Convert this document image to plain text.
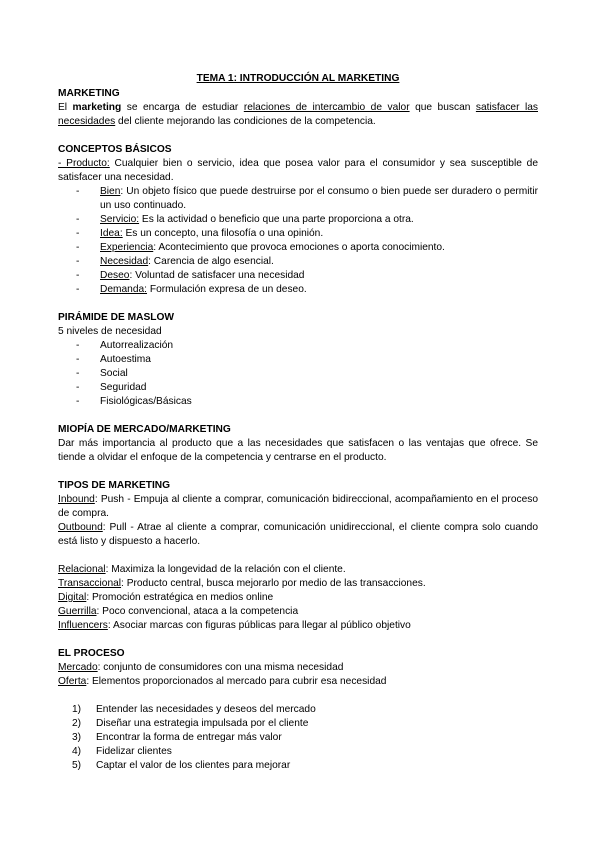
TEMA 1: INTRODUCCIÓN AL MARKETING
MARKETING
El marketing se encarga de estudiar relaciones de intercambio de valor que buscan satisfacer las necesidades del cliente mejorando las condiciones de la competencia.
CONCEPTOS BÁSICOS
- Producto: Cualquier bien o servicio, idea que posea valor para el consumidor y sea susceptible de satisfacer una necesidad.
-	Bien: Un objeto físico que puede destruirse por el consumo o bien puede ser duradero o permitir un uso continuado.
-	Servicio: Es la actividad o beneficio que una parte proporciona a otra.
-	Idea: Es un concepto, una filosofía o una opinión.
-	Experiencia: Acontecimiento que provoca emociones o aporta conocimiento.
-	Necesidad: Carencia de algo esencial.
-	Deseo: Voluntad de satisfacer una necesidad
-	Demanda: Formulación expresa de un deseo.
PIRÁMIDE DE MASLOW
5 niveles de necesidad
-	Autorrealización
-	Autoestima
-	Social
-	Seguridad
-	Fisiológicas/Básicas
MIOPÍA DE MERCADO/MARKETING
Dar más importancia al producto que a las necesidades que satisfacen o las ventajas que ofrece. Se tiende a olvidar el enfoque de la competencia y centrarse en el producto.
TIPOS DE MARKETING
Inbound: Push - Empuja al cliente a comprar, comunicación bidireccional, acompañamiento en el proceso de compra.
Outbound: Pull - Atrae al cliente a comprar, comunicación unidireccional, el cliente compra solo cuando está listo y dispuesto a hacerlo.
Relacional: Maximiza la longevidad de la relación con el cliente.
Transaccional: Producto central, busca mejorarlo por medio de las transacciones.
Digital: Promoción estratégica en medios online
Guerrilla: Poco convencional, ataca a la competencia
Influencers: Asociar marcas con figuras públicas para llegar al público objetivo
EL PROCESO
Mercado: conjunto de consumidores con una misma necesidad
Oferta: Elementos proporcionados al mercado para cubrir esa necesidad
1)	Entender las necesidades y deseos del mercado
2)	Diseñar una estrategia impulsada por el cliente
3)	Encontrar la forma de entregar más valor
4)	Fidelizar clientes
5)	Captar el valor de los clientes para mejorar
